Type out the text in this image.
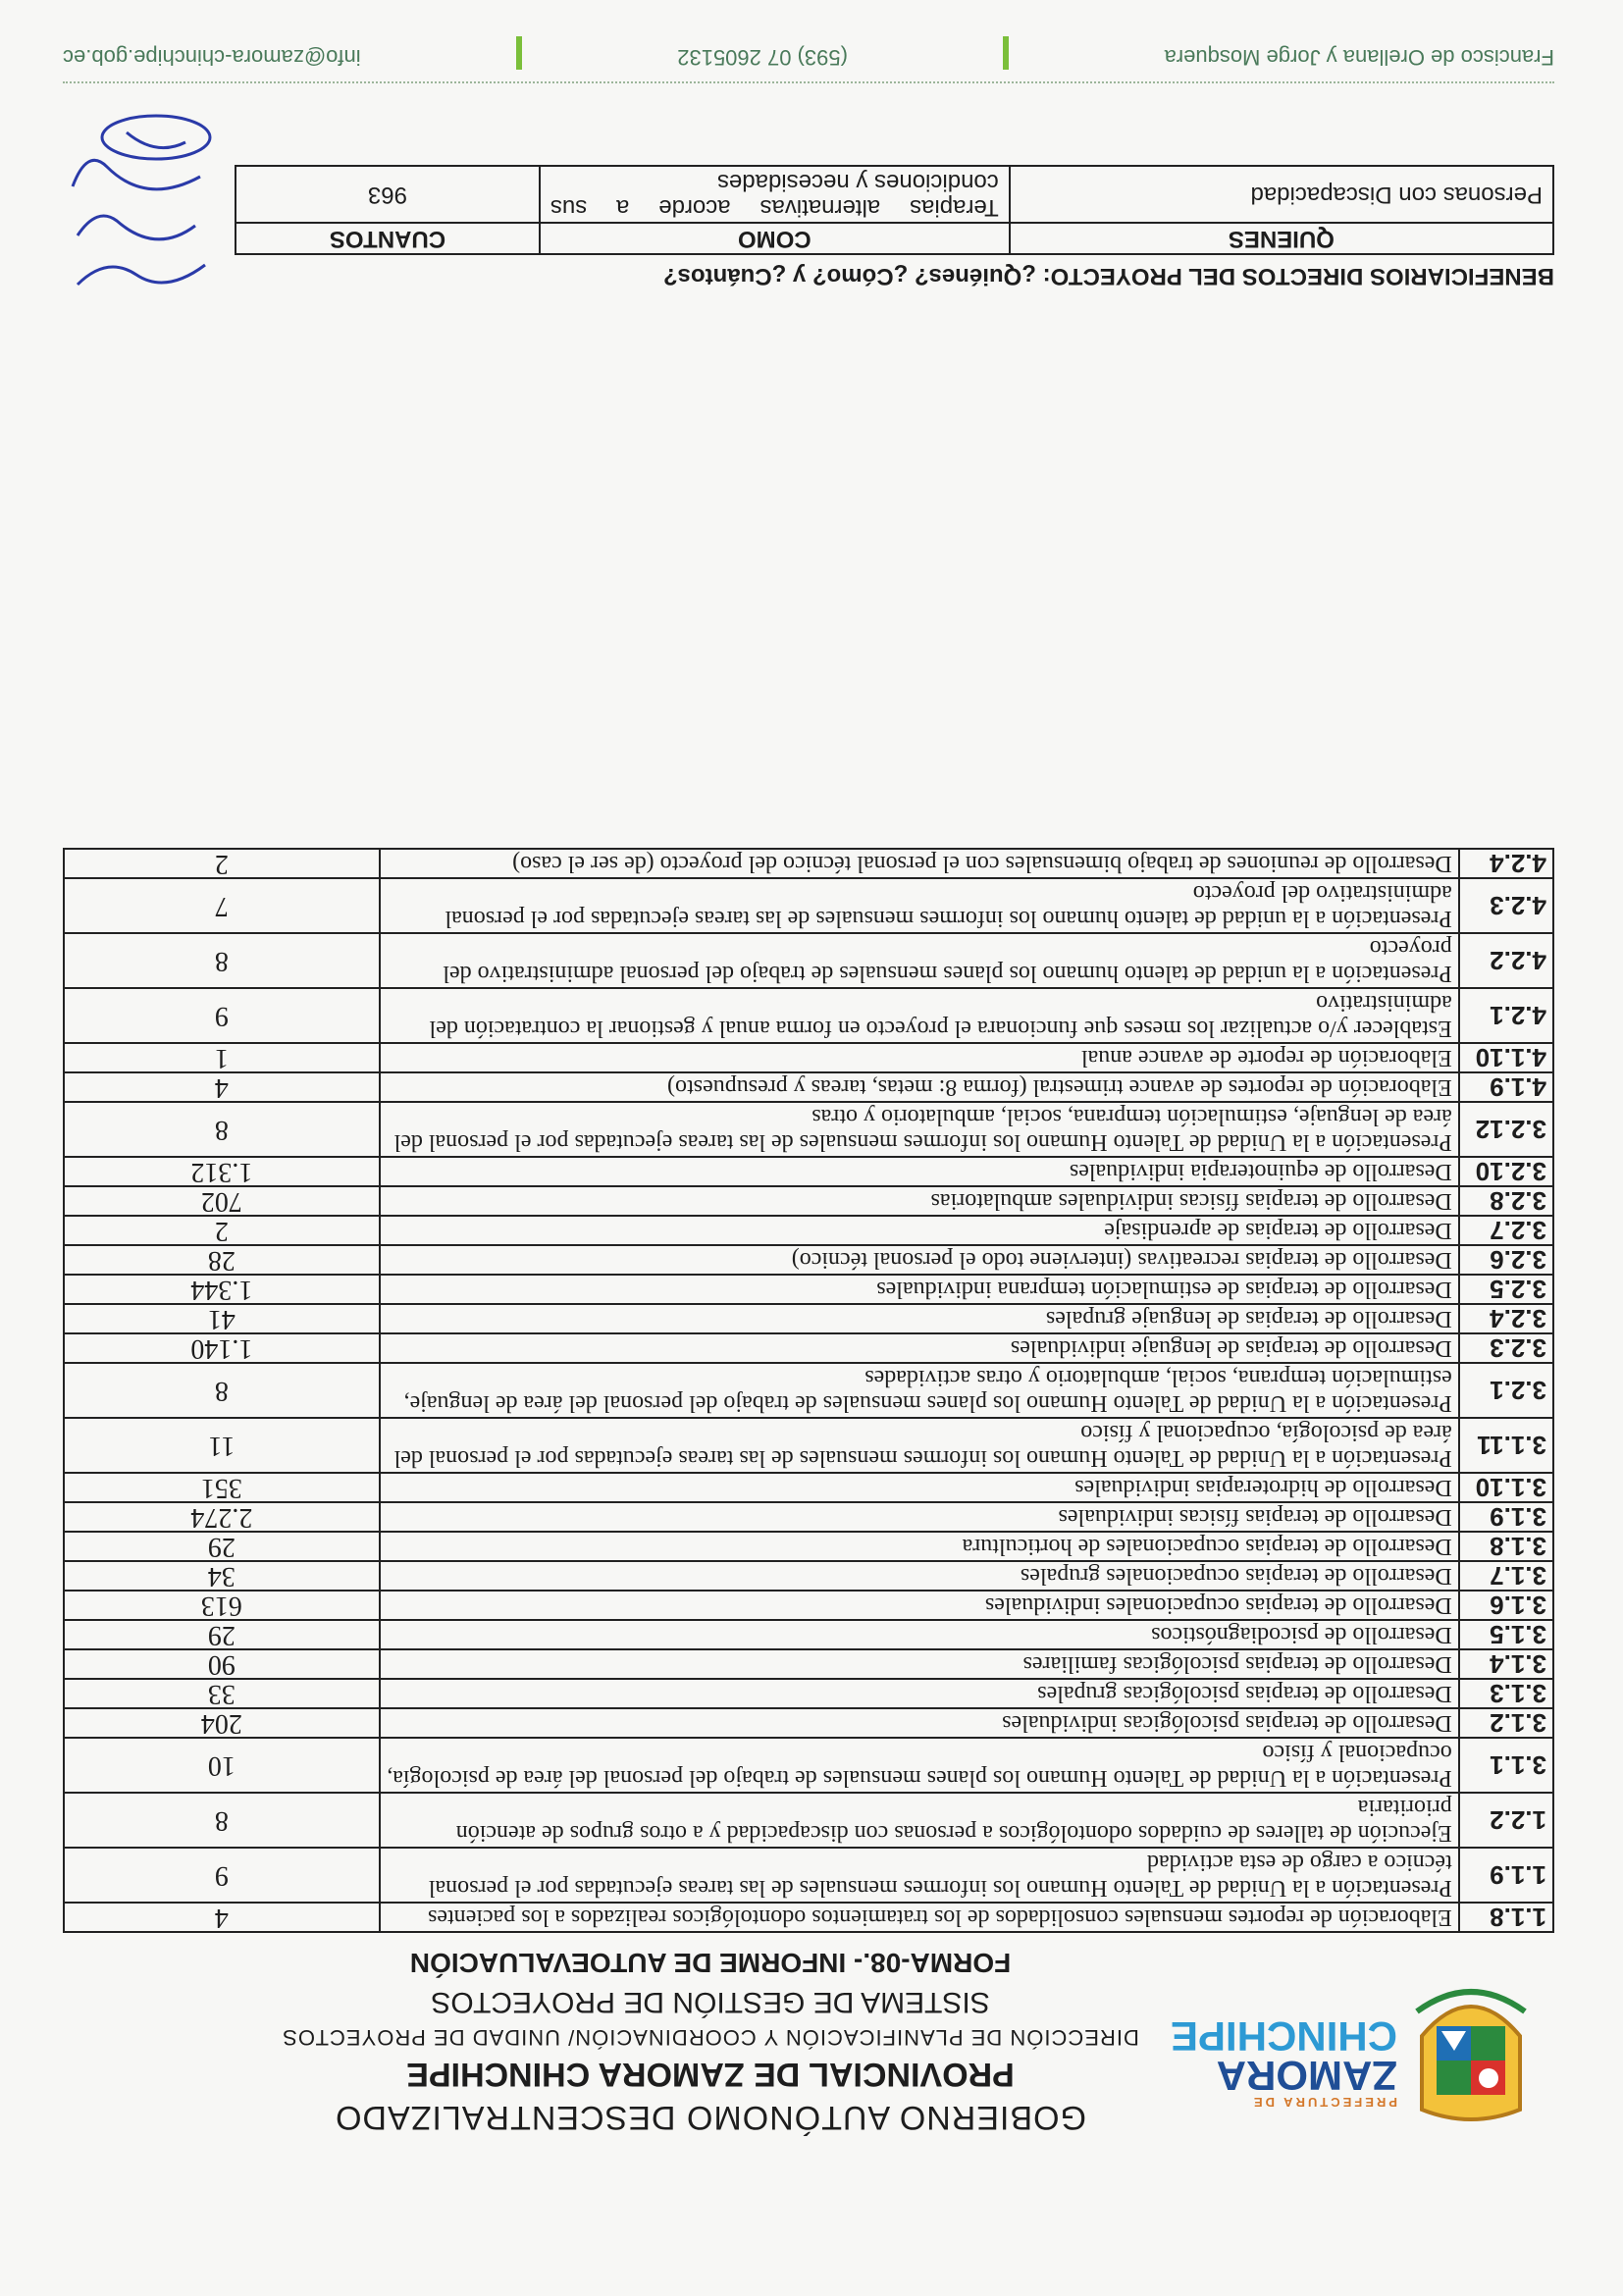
PREFECTURA DE
ZAMORA
CHINCHIPE
GOBIERNO AUTÓNOMO DESCENTRALIZADO
PROVINCIAL DE ZAMORA CHINCHIPE
DIRECCIÓN DE PLANIFICACIÓN Y COORDINACIÓN/ UNIDAD DE PROYECTOS
SISTEMA DE GESTIÓN DE PROYECTOS
FORMA-08.- INFORME DE AUTOEVALUACIÓN
1.1.8	Elaboración de reportes mensuales consolidados de los tratamientos odontológicos realizados a los pacientes	4
1.1.9	Presentación a la Unidad de Talento Humano los informes mensuales de las tareas ejecutadas por el personal técnico a cargo de esta actividad	9
1.2.2	Ejecución de talleres de cuidados odontológicos a personas con discapacidad y a otros grupos de atención prioritaria	8
3.1.1	Presentación a la Unidad de Talento Humano los planes mensuales de trabajo del personal del área de psicología, ocupacional y físico	10
3.1.2	Desarrollo de terapias psicológicas individuales	204
3.1.3	Desarrollo de terapias psicológicas grupales	33
3.1.4	Desarrollo de terapias psicológicas familiares	90
3.1.5	Desarrollo de psicodiagnósticos	29
3.1.6	Desarrollo de terapias ocupacionales individuales	613
3.1.7	Desarrollo de terapias ocupacionales grupales	34
3.1.8	Desarrollo de terapias ocupacionales de horticultura	29
3.1.9	Desarrollo de terapias físicas individuales	2.274
3.1.10	Desarrollo de hidroterapias individuales	351
3.1.11	Presentación a la Unidad de Talento Humano los informes mensuales de las tareas ejecutadas por el personal del área de psicología, ocupacional y físico	11
3.2.1	Presentación a la Unidad de Talento Humano los planes mensuales de trabajo del personal del área de lenguaje, estimulación temprana, social, ambulatorio y otras actividades	8
3.2.3	Desarrollo de terapias de lenguaje individuales	1.140
3.2.4	Desarrollo de terapias de lenguaje grupales	41
3.2.5	Desarrollo de terapias de estimulación temprana individuales	1.344
3.2.6	Desarrollo de terapias recreativas (interviene todo el personal técnico)	28
3.2.7	Desarrollo de terapias de aprendisaje	2
3.2.8	Desarrollo de terapias físicas individuales ambulatorias	702
3.2.10	Desarrollo de equinoterapia individuales	1.312
3.2.12	Presentación a la Unidad de Talento Humano los informes mensuales de las tareas ejecutadas por el personal del área de lenguaje, estimulación temprana, social, ambulatorio y otras	8
4.1.9	Elaboración de reportes de avance trimestral (forma 8: metas, tareas y presupuesto)	4
4.1.10	Elaboración de reporte de avance anual	1
4.2.1	Establecer y/o actualizar los meses que funcionara el proyecto en forma anual y gestionar la contratación del administrativo	9
4.2.2	Presentación a la unidad de talento humano los planes mensuales de trabajo del personal administrativo del proyecto	8
4.2.3	Presentación a la unidad de talento humano los informes mensuales de las tareas ejecutadas por el personal administrativo del proyecto	7
4.2.4	Desarrollo de reuniones de trabajo bimensuales con el personal técnico del proyecto (de ser el caso)	2
BENEFICIARIOS DIRECTOS DEL PROYECTO: ¿Quiénes? ¿Cómo? y ¿Cuántos?
QUIENES	COMO	CUANTOS
Personas con Discapacidad	Terapias alternativas acorde a sus condiciones y necesidades	963
Francisco de Orellana y Jorge Mosquera
(593) 07 2605132
info@zamora-chinchipe.gob.ec
